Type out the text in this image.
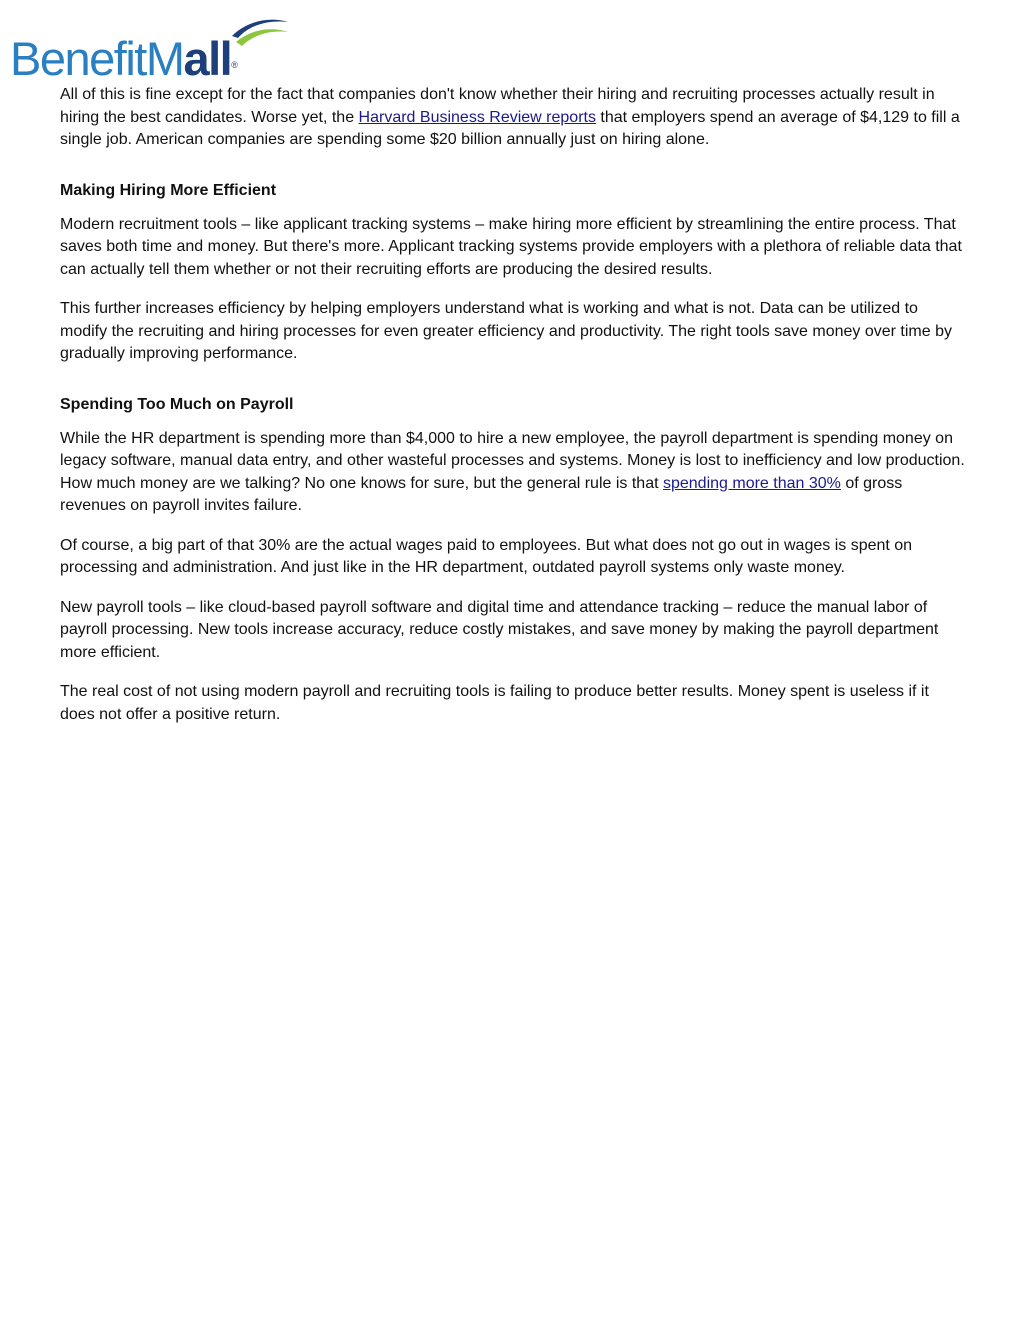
BenefitMall®

All of this is fine except for the fact that companies don't know whether their hiring and recruiting processes actually result in hiring the best candidates. Worse yet, the Harvard Business Review reports that employers spend an average of $4,129 to fill a single job. American companies are spending some $20 billion annually just on hiring alone.

Making Hiring More Efficient

Modern recruitment tools – like applicant tracking systems – make hiring more efficient by streamlining the entire process. That saves both time and money. But there's more. Applicant tracking systems provide employers with a plethora of reliable data that can actually tell them whether or not their recruiting efforts are producing the desired results.

This further increases efficiency by helping employers understand what is working and what is not. Data can be utilized to modify the recruiting and hiring processes for even greater efficiency and productivity. The right tools save money over time by gradually improving performance.

Spending Too Much on Payroll

While the HR department is spending more than $4,000 to hire a new employee, the payroll department is spending money on legacy software, manual data entry, and other wasteful processes and systems. Money is lost to inefficiency and low production. How much money are we talking? No one knows for sure, but the general rule is that spending more than 30% of gross revenues on payroll invites failure.

Of course, a big part of that 30% are the actual wages paid to employees. But what does not go out in wages is spent on processing and administration. And just like in the HR department, outdated payroll systems only waste money.

New payroll tools – like cloud-based payroll software and digital time and attendance tracking – reduce the manual labor of payroll processing. New tools increase accuracy, reduce costly mistakes, and save money by making the payroll department more efficient.

The real cost of not using modern payroll and recruiting tools is failing to produce better results. Money spent is useless if it does not offer a positive return.
